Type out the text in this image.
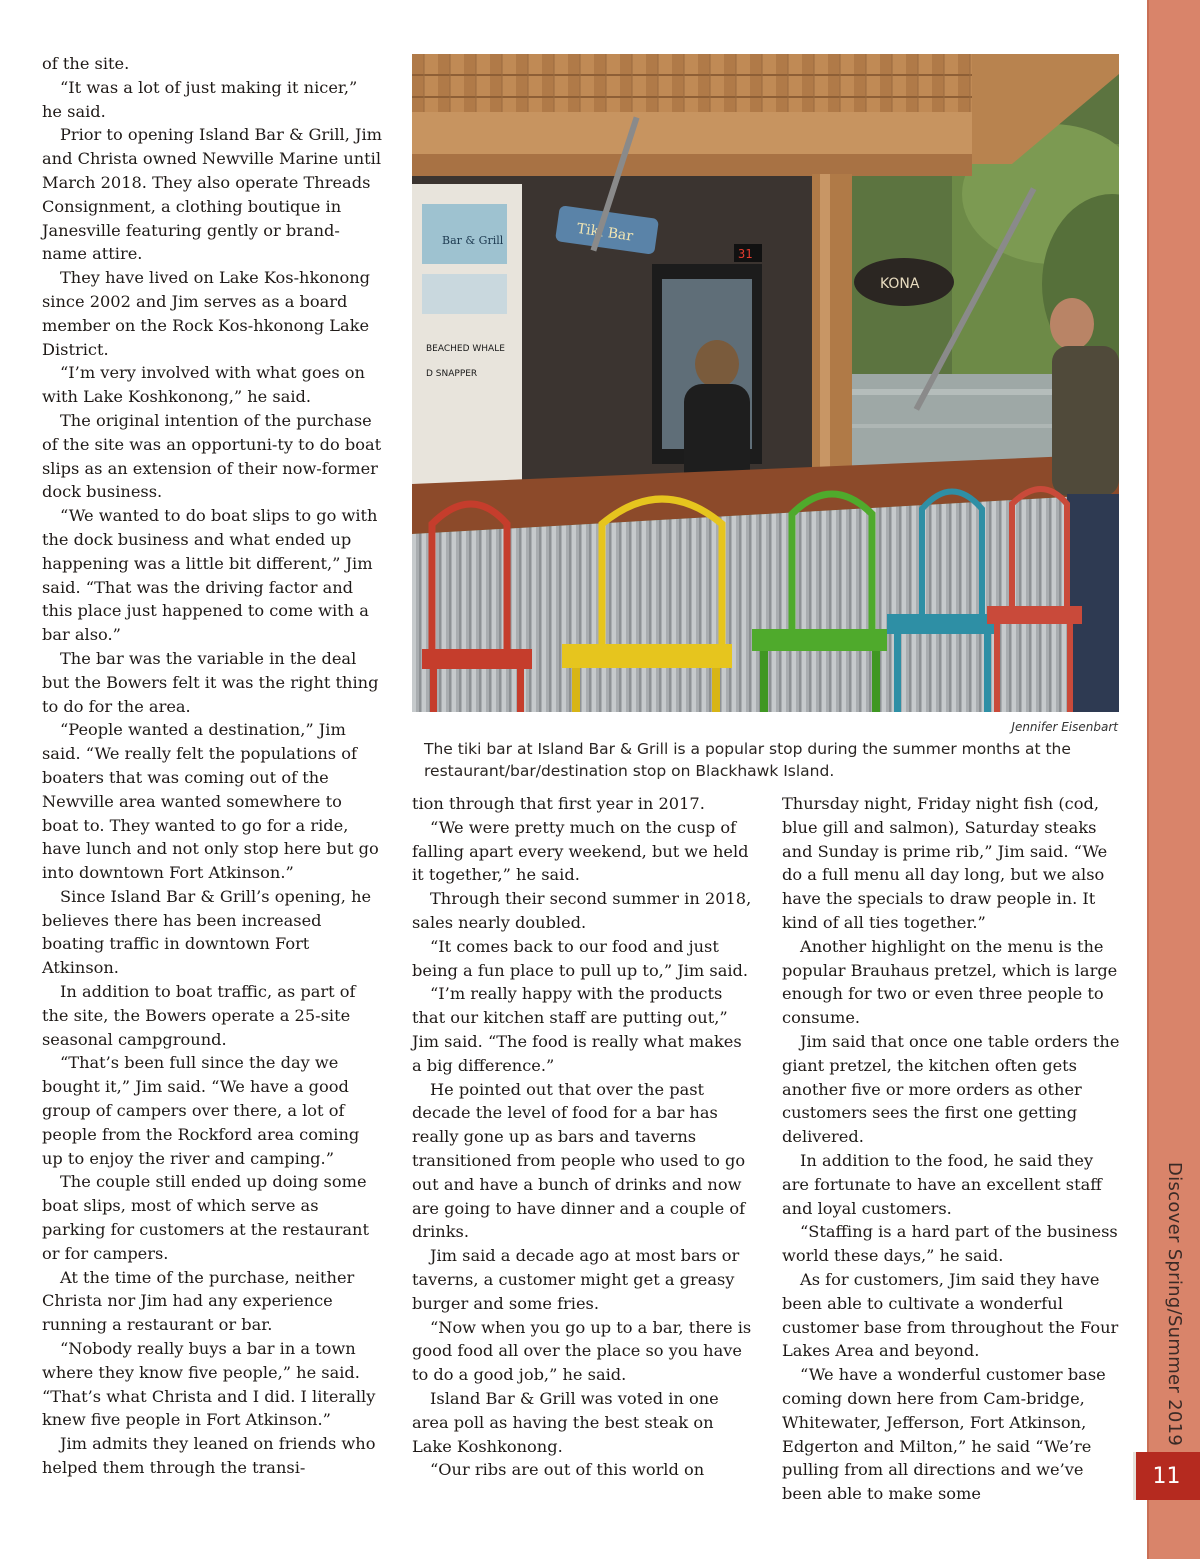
Discover Spring/Summer 2019
11

of the site.

“It was a lot of just making it nicer,” he said.

Prior to opening Island Bar & Grill, Jim and Christa owned Newville Marine until March 2018. They also operate Threads Consignment, a clothing boutique in Janesville featuring gently or brand-name attire.

They have lived on Lake Kos-hkonong since 2002 and Jim serves as a board member on the Rock Kos-hkonong Lake District.

“I’m very involved with what goes on with Lake Koshkonong,” he said.

The original intention of the purchase of the site was an opportuni-ty to do boat slips as an extension of their now-former dock business.

“We wanted to do boat slips to go with the dock business and what ended up happening was a little bit different,” Jim said. “That was the driving factor and this place just happened to come with a bar also.”

The bar was the variable in the deal but the Bowers felt it was the right thing to do for the area.

“People wanted a destination,” Jim said. “We really felt the populations of boaters that was coming out of the Newville area wanted somewhere to boat to. They wanted to go for a ride, have lunch and not only stop here but go into downtown Fort Atkinson.”

Since Island Bar & Grill’s opening, he believes there has been increased boating traffic in downtown Fort Atkinson.

In addition to boat traffic, as part of the site, the Bowers operate a 25-site seasonal campground.

“That’s been full since the day we bought it,” Jim said. “We have a good group of campers over there, a lot of people from the Rockford area coming up to enjoy the river and camping.”

The couple still ended up doing some boat slips, most of which serve as parking for customers at the restaurant or for campers.

At the time of the purchase, neither Christa nor Jim had any experience running a restaurant or bar.

“Nobody really buys a bar in a town where they know five people,” he said. “That’s what Christa and I did. I literally knew five people in Fort Atkinson.”

Jim admits they leaned on friends who helped them through the transi-

BEACHED WHALE
D SNAPPER
Bar & Grill
31
Tiki Bar
KONA
Jennifer Eisenbart
The tiki bar at Island Bar & Grill is a popular stop during the summer months at the restaurant/bar/destination stop on Blackhawk Island.

tion through that first year in 2017.

“We were pretty much on the cusp of falling apart every weekend, but we held it together,” he said.

Through their second summer in 2018, sales nearly doubled.

“It comes back to our food and just being a fun place to pull up to,” Jim said.

“I’m really happy with the products that our kitchen staff are putting out,” Jim said. “The food is really what makes a big difference.”

He pointed out that over the past decade the level of food for a bar has really gone up as bars and taverns transitioned from people who used to go out and have a bunch of drinks and now are going to have dinner and a couple of drinks.

Jim said a decade ago at most bars or taverns, a customer might get a greasy burger and some fries.

“Now when you go up to a bar, there is good food all over the place so you have to do a good job,” he said.

Island Bar & Grill was voted in one area poll as having the best steak on Lake Koshkonong.

“Our ribs are out of this world on

Thursday night, Friday night fish (cod, blue gill and salmon), Saturday steaks and Sunday is prime rib,” Jim said. “We do a full menu all day long, but we also have the specials to draw people in. It kind of all ties together.”

Another highlight on the menu is the popular Brauhaus pretzel, which is large enough for two or even three people to consume.

Jim said that once one table orders the giant pretzel, the kitchen often gets another five or more orders as other customers sees the first one getting delivered.

In addition to the food, he said they are fortunate to have an excellent staff and loyal customers.

“Staffing is a hard part of the business world these days,” he said.

As for customers, Jim said they have been able to cultivate a wonderful customer base from throughout the Four Lakes Area and beyond.

“We have a wonderful customer base coming down here from Cam-bridge, Whitewater, Jefferson, Fort Atkinson, Edgerton and Milton,” he said “We’re pulling from all directions and we’ve been able to make some
